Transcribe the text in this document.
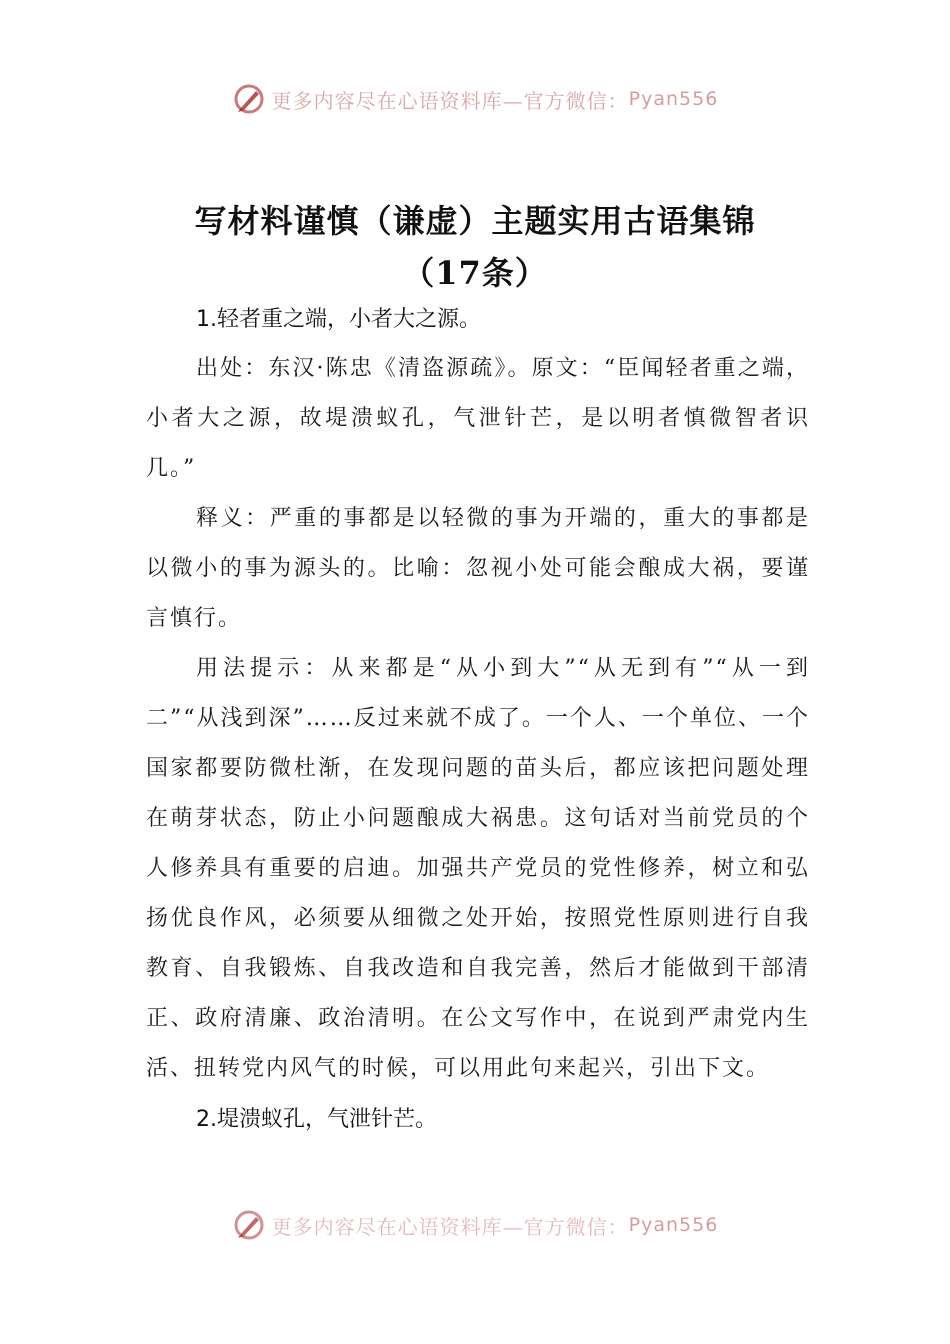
更多内容尽在心语资料库—官方微信： Pyan556
写材料谨慎（谦虚）主题实用古语集锦
（17条）

1.轻者重之端，小者大之源。

出处：东汉·陈忠《清盗源疏》。原文：“臣闻轻者重之端，小者大之源，故堤溃蚁孔，气泄针芒，是以明者慎微智者识几。”

释义：严重的事都是以轻微的事为开端的，重大的事都是以微小的事为源头的。比喻：忽视小处可能会酿成大祸，要谨言慎行。

用法提示：从来都是“从小到大”“从无到有”“从一到二”“从浅到深”……反过来就不成了。一个人、一个单位、一个国家都要防微杜渐，在发现问题的苗头后，都应该把问题处理在萌芽状态，防止小问题酿成大祸患。这句话对当前党员的个人修养具有重要的启迪。加强共产党员的党性修养，树立和弘扬优良作风，必须要从细微之处开始，按照党性原则进行自我教育、自我锻炼、自我改造和自我完善，然后才能做到干部清正、政府清廉、政治清明。在公文写作中，在说到严肃党内生活、扭转党内风气的时候，可以用此句来起兴，引出下文。

2.堤溃蚁孔，气泄针芒。

更多内容尽在心语资料库—官方微信： Pyan556
